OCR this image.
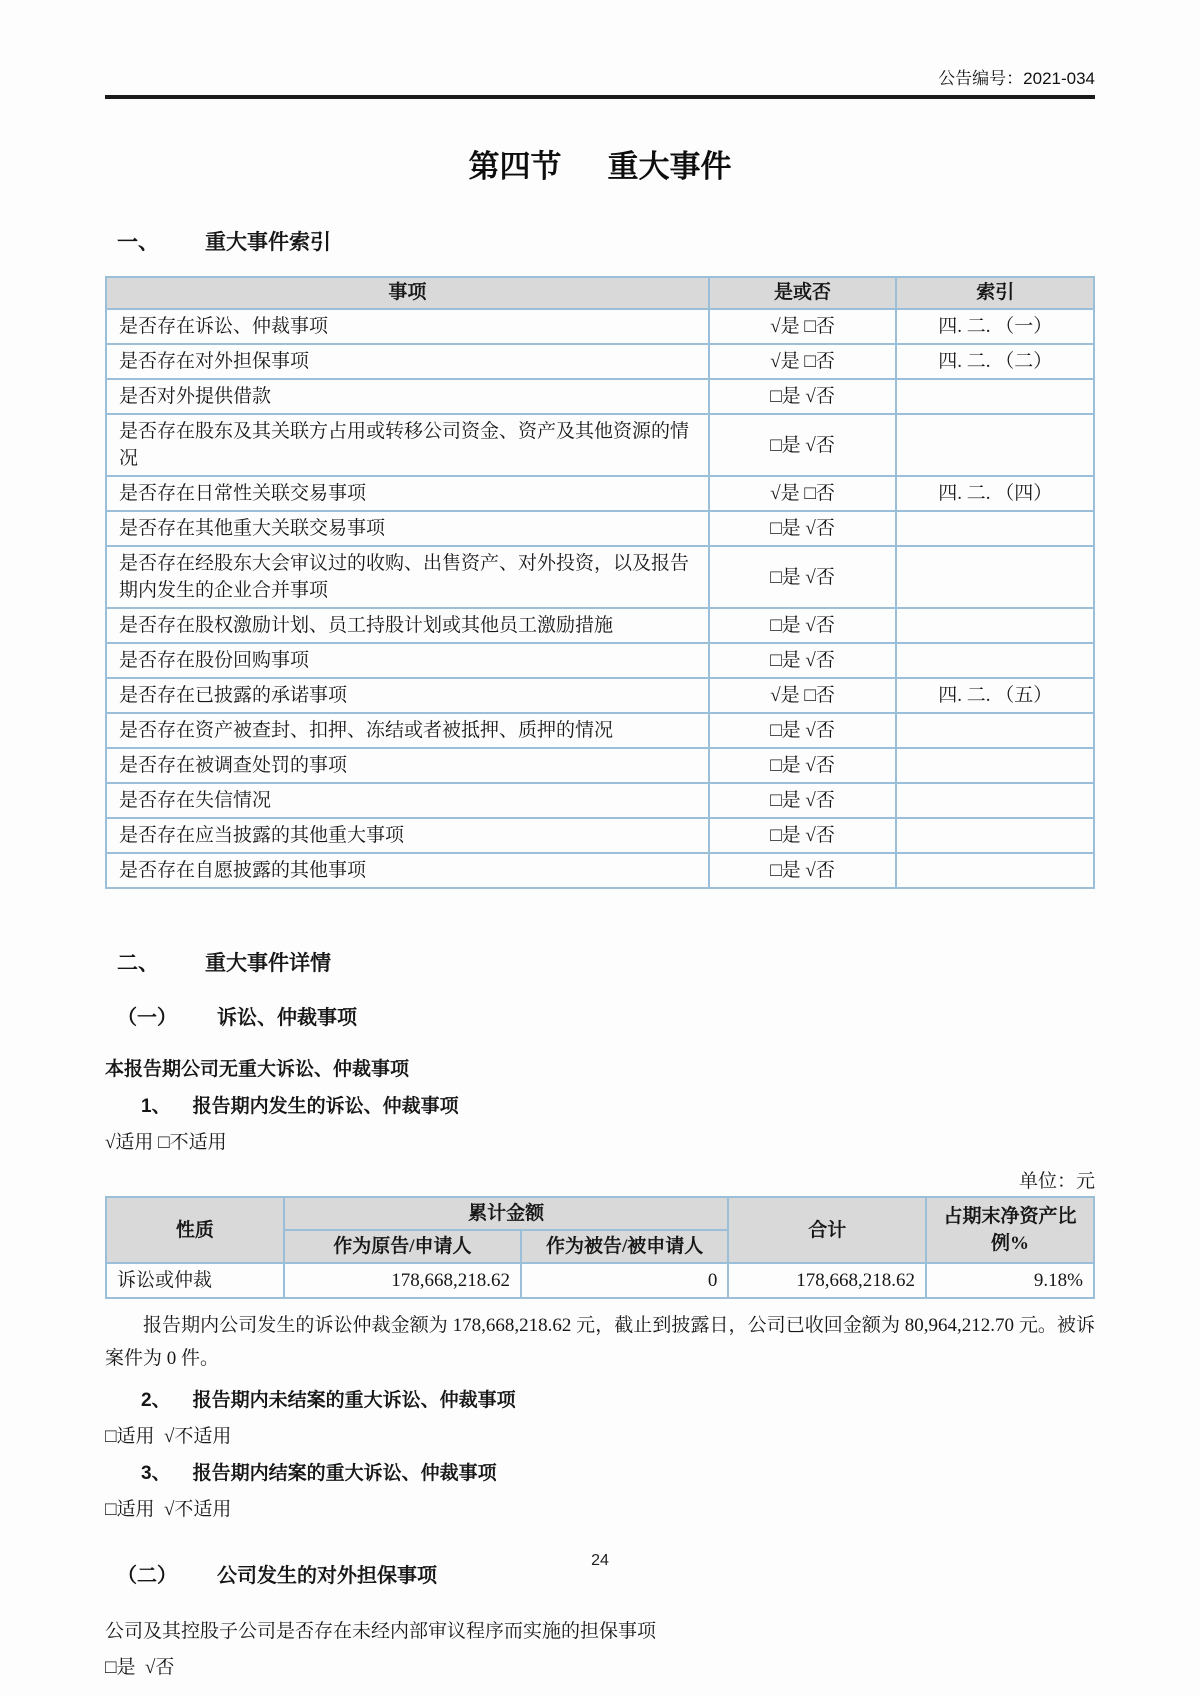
公告编号：2021-034
第四节 重大事件
一、 重大事件索引
事项	是或否	索引
是否存在诉讼、仲裁事项	√是 □否	四. 二. （一）
是否存在对外担保事项	√是 □否	四. 二. （二）
是否对外提供借款	□是 √否	
是否存在股东及其关联方占用或转移公司资金、资产及其他资源的情况	□是 √否	
是否存在日常性关联交易事项	√是 □否	四. 二. （四）
是否存在其他重大关联交易事项	□是 √否	
是否存在经股东大会审议过的收购、出售资产、对外投资，以及报告期内发生的企业合并事项	□是 √否	
是否存在股权激励计划、员工持股计划或其他员工激励措施	□是 √否	
是否存在股份回购事项	□是 √否	
是否存在已披露的承诺事项	√是 □否	四. 二. （五）
是否存在资产被查封、扣押、冻结或者被抵押、质押的情况	□是 √否	
是否存在被调查处罚的事项	□是 √否	
是否存在失信情况	□是 √否	
是否存在应当披露的其他重大事项	□是 √否	
是否存在自愿披露的其他事项	□是 √否	
二、 重大事件详情
（一） 诉讼、仲裁事项
本报告期公司无重大诉讼、仲裁事项
1、 报告期内发生的诉讼、仲裁事项
√适用 □不适用
单位：元
性质	累计金额		合计	占期末净资产比例%
	作为原告/申请人	作为被告/被申请人		
诉讼或仲裁	178,668,218.62	0	178,668,218.62	9.18%
报告期内公司发生的诉讼仲裁金额为 178,668,218.62 元，截止到披露日，公司已收回金额为 80,964,212.70 元。被诉案件为 0 件。
2、 报告期内未结案的重大诉讼、仲裁事项
□适用  √不适用
3、 报告期内结案的重大诉讼、仲裁事项
□适用  √不适用
（二） 公司发生的对外担保事项
公司及其控股子公司是否存在未经内部审议程序而实施的担保事项
□是  √否
24
